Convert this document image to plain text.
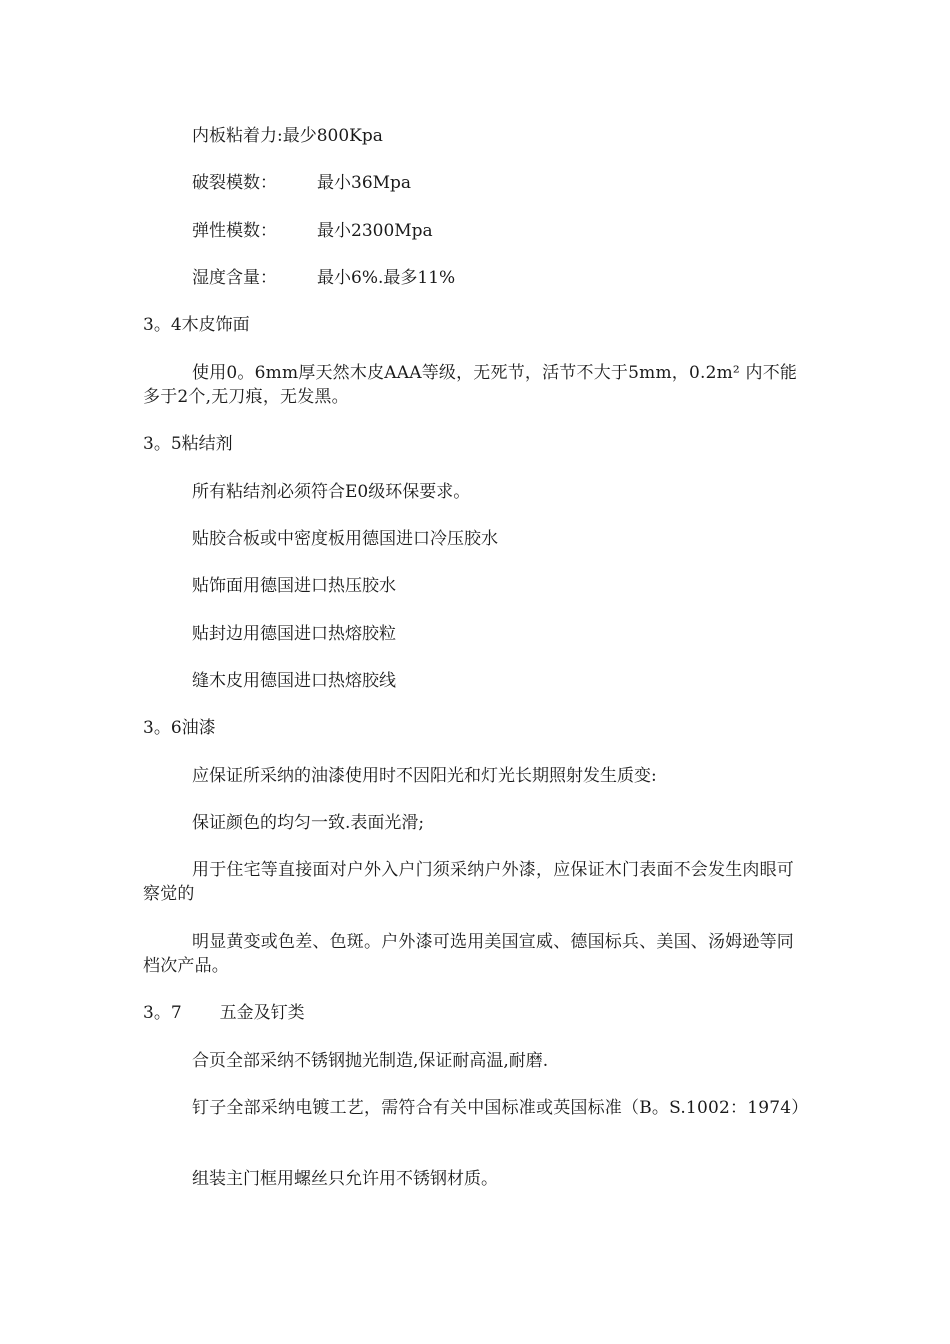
内板粘着力:最少800Kpa
破裂模数： 最小36Mpa
弹性模数： 最小2300Mpa
湿度含量： 最小6%.最多11%
3。4木皮饰面
使用0。6mm厚天然木皮AAA等级，无死节，活节不大于5mm，0.2m² 内不能多于2个,无刀痕，无发黑。
3。5粘结剂
所有粘结剂必须符合E0级环保要求。
贴胶合板或中密度板用德国进口冷压胶水
贴饰面用德国进口热压胶水
贴封边用德国进口热熔胶粒
缝木皮用德国进口热熔胶线
3。6油漆
应保证所采纳的油漆使用时不因阳光和灯光长期照射发生质变:
保证颜色的均匀一致.表面光滑;
用于住宅等直接面对户外入户门须采纳户外漆，应保证木门表面不会发生肉眼可察觉的
明显黄变或色差、色斑。户外漆可选用美国宣威、德国标兵、美国、汤姆逊等同档次产品。
3。7 五金及钉类
合页全部采纳不锈钢抛光制造,保证耐高温,耐磨.
钉子全部采纳电镀工艺，需符合有关中国标准或英国标准（B。S.1002：1974）
组装主门框用螺丝只允许用不锈钢材质。
